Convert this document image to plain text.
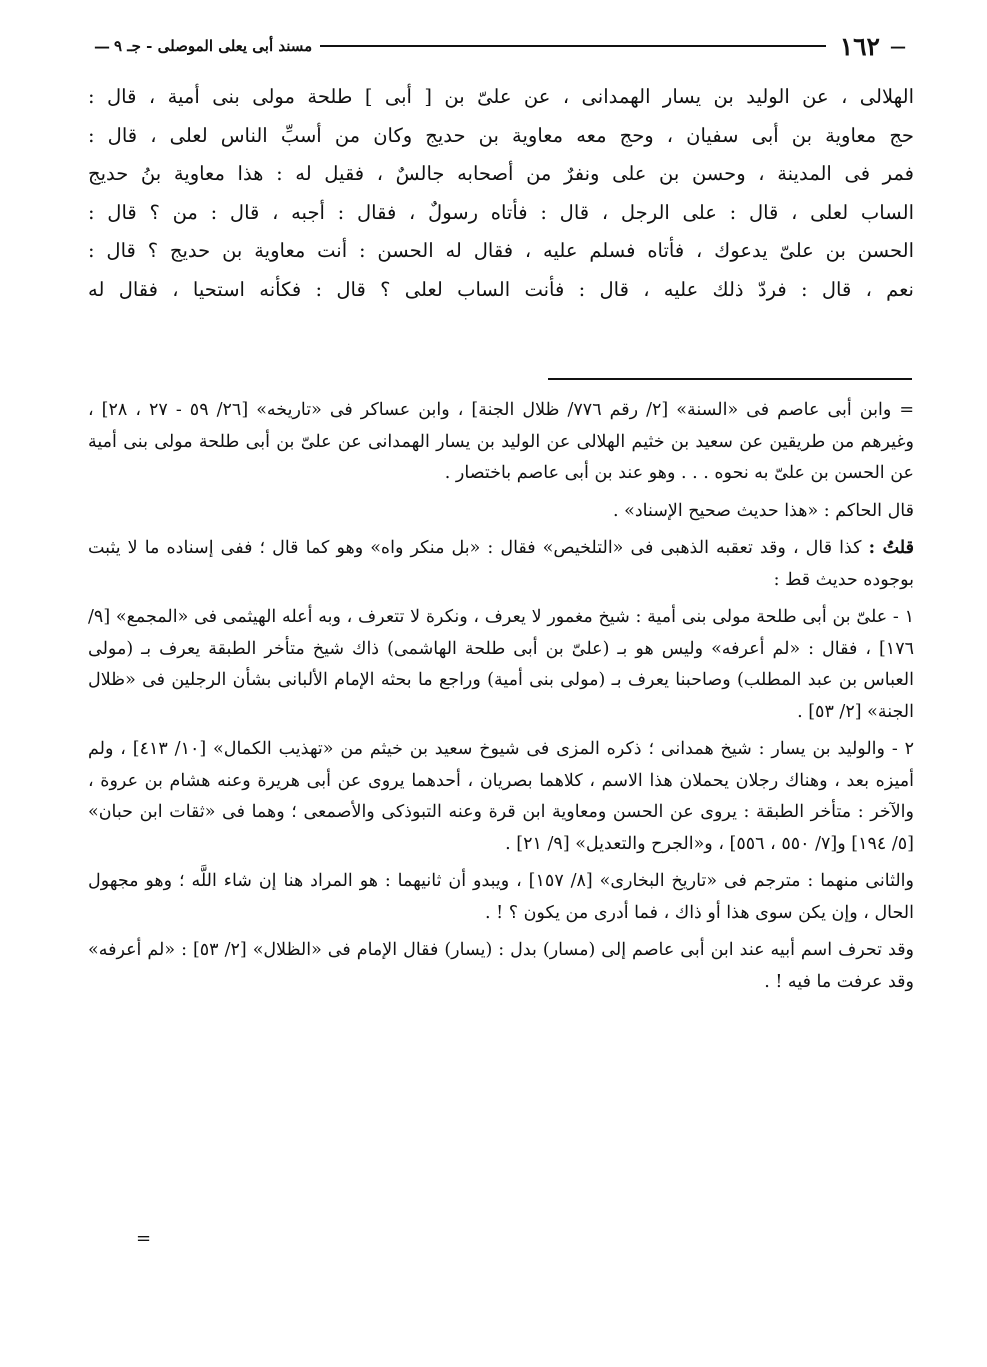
—
١٦٢
مسند أبى يعلى الموصلى - جـ ٩
—

الهلالى ، عن الوليد بن يسار الهمدانى ، عن علىّ بن [ أبى ] طلحة مولى بنى أمية ، قال :

حج معاوية بن أبى سفيان ، وحج معه معاوية بن حديج وكان من أسبِّ الناس لعلى ، قال :

فمر فى المدينة ، وحسن بن على ونفرٌ من أصحابه جالسٌ ، فقيل له : هذا معاوية بنُ حديج

الساب لعلى ، قال : على الرجل ، قال : فأتاه رسولٌ ، فقال : أجبه ، قال : من ؟ قال :

الحسن بن علىّ يدعوك ، فأتاه فسلم عليه ، فقال له الحسن : أنت معاوية بن حديج ؟ قال :

نعم ، قال : فردّ ذلك عليه ، قال : فأنت الساب لعلى ؟ قال : فكأنه استحيا ، فقال له

= وابن أبى عاصم فى «السنة» [٢/ رقم ٧٧٦/ ظلال الجنة] ، وابن عساكر فى «تاريخه» [٢٦/ ٥٩ - ٢٧ ، ٢٨] ، وغيرهم من طريقين عن سعيد بن خثيم الهلالى عن الوليد بن يسار الهمدانى عن علىّ بن أبى طلحة مولى بنى أمية عن الحسن بن علىّ به نحوه . . . وهو عند بن أبى عاصم باختصار .

قال الحاكم : «هذا حديث صحيح الإسناد» .

قلتُ : كذا قال ، وقد تعقبه الذهبى فى «التلخيص» فقال : «بل منكر واه» وهو كما قال ؛ ففى إسناده ما لا يثبت بوجوده حديث قط :

١ - علىّ بن أبى طلحة مولى بنى أمية : شيخ مغمور لا يعرف ، ونكرة لا تتعرف ، وبه أعله الهيثمى فى «المجمع» [٩/ ١٧٦] ، فقال : «لم أعرفه» وليس هو بـ (علىّ بن أبى طلحة الهاشمى) ذاك شيخ متأخر الطبقة يعرف بـ (مولى العباس بن عبد المطلب) وصاحبنا يعرف بـ (مولى بنى أمية) وراجع ما بحثه الإمام الألبانى بشأن الرجلين فى «ظلال الجنة» [٢/ ٥٣] .

٢ - والوليد بن يسار : شيخ همدانى ؛ ذكره المزى فى شيوخ سعيد بن خيثم من «تهذيب الكمال» [١٠/ ٤١٣] ، ولم أميزه بعد ، وهناك رجلان يحملان هذا الاسم ، كلاهما بصريان ، أحدهما يروى عن أبى هريرة وعنه هشام بن عروة ، والآخر : متأخر الطبقة : يروى عن الحسن ومعاوية ابن قرة وعنه التبوذكى والأصمعى ؛ وهما فى «ثقات ابن حبان» [٥/ ١٩٤] و[٧/ ٥٥٠ ، ٥٥٦] ، و«الجرح والتعديل» [٩/ ٢١] .

والثانى منهما : مترجم فى «تاريخ البخارى» [٨/ ١٥٧] ، ويبدو أن ثانيهما : هو المراد هنا إن شاء اللَّه ؛ وهو مجهول الحال ، وإن يكن سوى هذا أو ذاك ، فما أدرى من يكون ؟ ! .

وقد تحرف اسم أبيه عند ابن أبى عاصم إلى (مسار) بدل : (يسار) فقال الإمام فى «الظلال» [٢/ ٥٣] : «لم أعرفه» وقد عرفت ما فيه ! .

=
